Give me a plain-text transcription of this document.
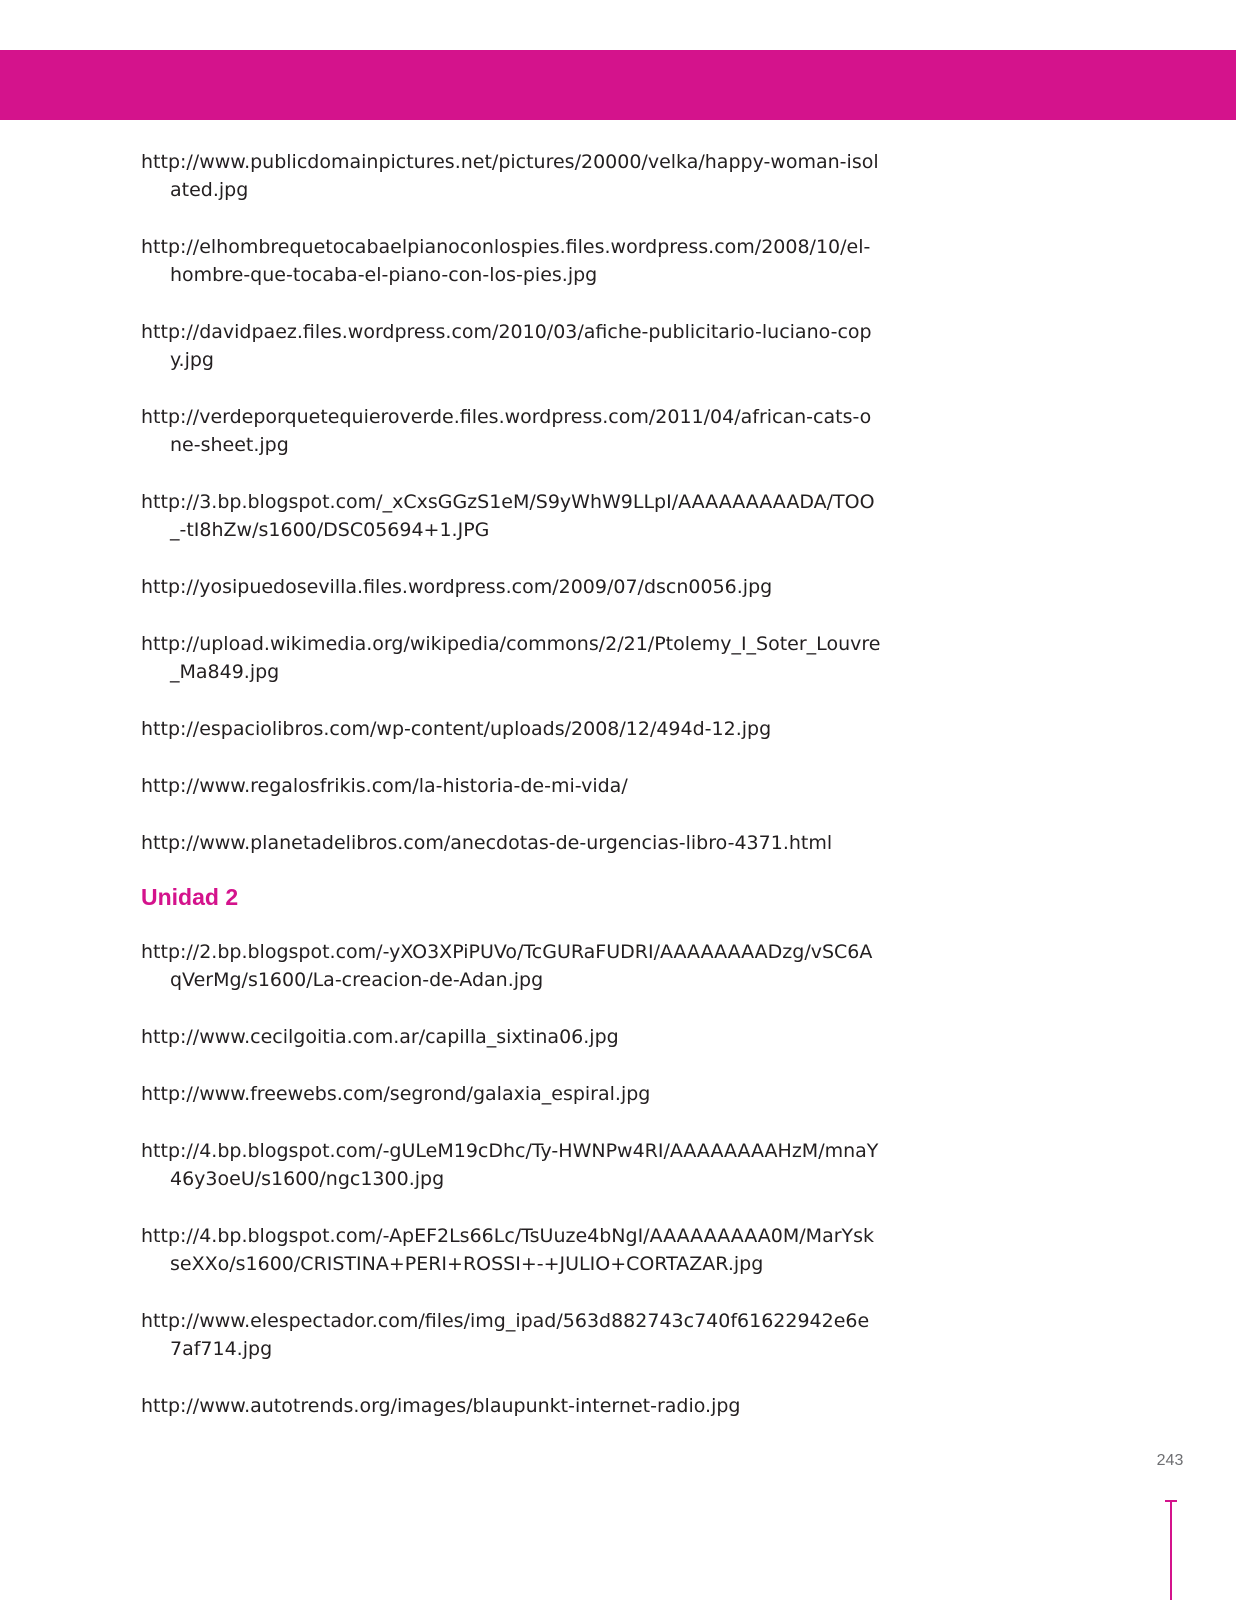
http://www.publicdomainpictures.net/pictures/20000/velka/happy-woman-isolated.jpg

http://elhombrequetocabaelpianoconlospies.files.wordpress.com/2008/10/el-hombre-que-tocaba-el-piano-con-los-pies.jpg

http://davidpaez.files.wordpress.com/2010/03/afiche-publicitario-luciano-copy.jpg

http://verdeporquetequieroverde.files.wordpress.com/2011/04/african-cats-one-sheet.jpg

http://3.bp.blogspot.com/_xCxsGGzS1eM/S9yWhW9LLpI/AAAAAAAAADA/TOO_-tI8hZw/s1600/DSC05694+1.JPG

http://yosipuedosevilla.files.wordpress.com/2009/07/dscn0056.jpg

http://upload.wikimedia.org/wikipedia/commons/2/21/Ptolemy_I_Soter_Louvre_Ma849.jpg

http://espaciolibros.com/wp-content/uploads/2008/12/494d-12.jpg

http://www.regalosfrikis.com/la-historia-de-mi-vida/

http://www.planetadelibros.com/anecdotas-de-urgencias-libro-4371.html

Unidad 2

http://2.bp.blogspot.com/-yXO3XPiPUVo/TcGURaFUDRI/AAAAAAAADzg/vSC6AqVerMg/s1600/La-creacion-de-Adan.jpg

http://www.cecilgoitia.com.ar/capilla_sixtina06.jpg

http://www.freewebs.com/segrond/galaxia_espiral.jpg

http://4.bp.blogspot.com/-gULeM19cDhc/Ty-HWNPw4RI/AAAAAAAAHzM/mnaY46y3oeU/s1600/ngc1300.jpg

http://4.bp.blogspot.com/-ApEF2Ls66Lc/TsUuze4bNgI/AAAAAAAAA0M/MarYskseXXo/s1600/CRISTINA+PERI+ROSSI+-+JULIO+CORTAZAR.jpg

http://www.elespectador.com/files/img_ipad/563d882743c740f61622942e6e7af714.jpg

http://www.autotrends.org/images/blaupunkt-internet-radio.jpg

243
